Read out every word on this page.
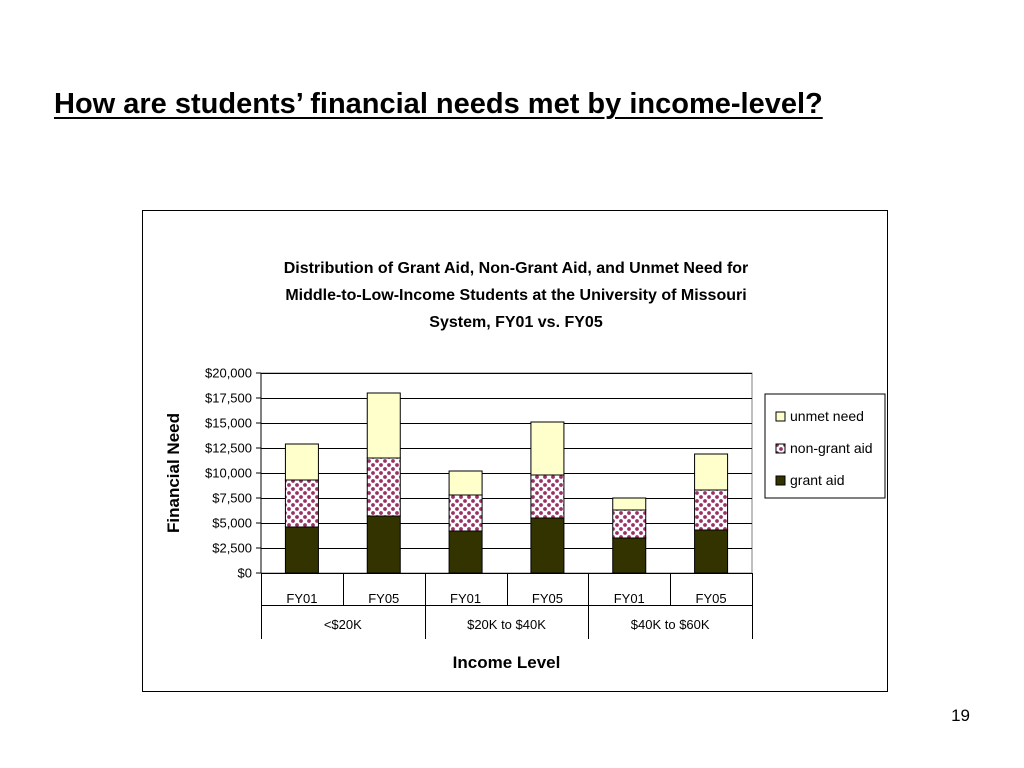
How are students’ financial needs met by income-level?
Distribution of Grant Aid, Non-Grant Aid, and Unmet Need for
Middle-to-Low-Income Students at the University of Missouri
System, FY01 vs. FY05
$0
$2,500
$5,000
$7,500
$10,000
$12,500
$15,000
$17,500
$20,000
FY01	FY05	FY01	FY05	FY01	FY05
<$20K	$20K to $40K	$40K to $60K
Income Level
Financial Need	unmet need
non-grant aid
grant aid
19
